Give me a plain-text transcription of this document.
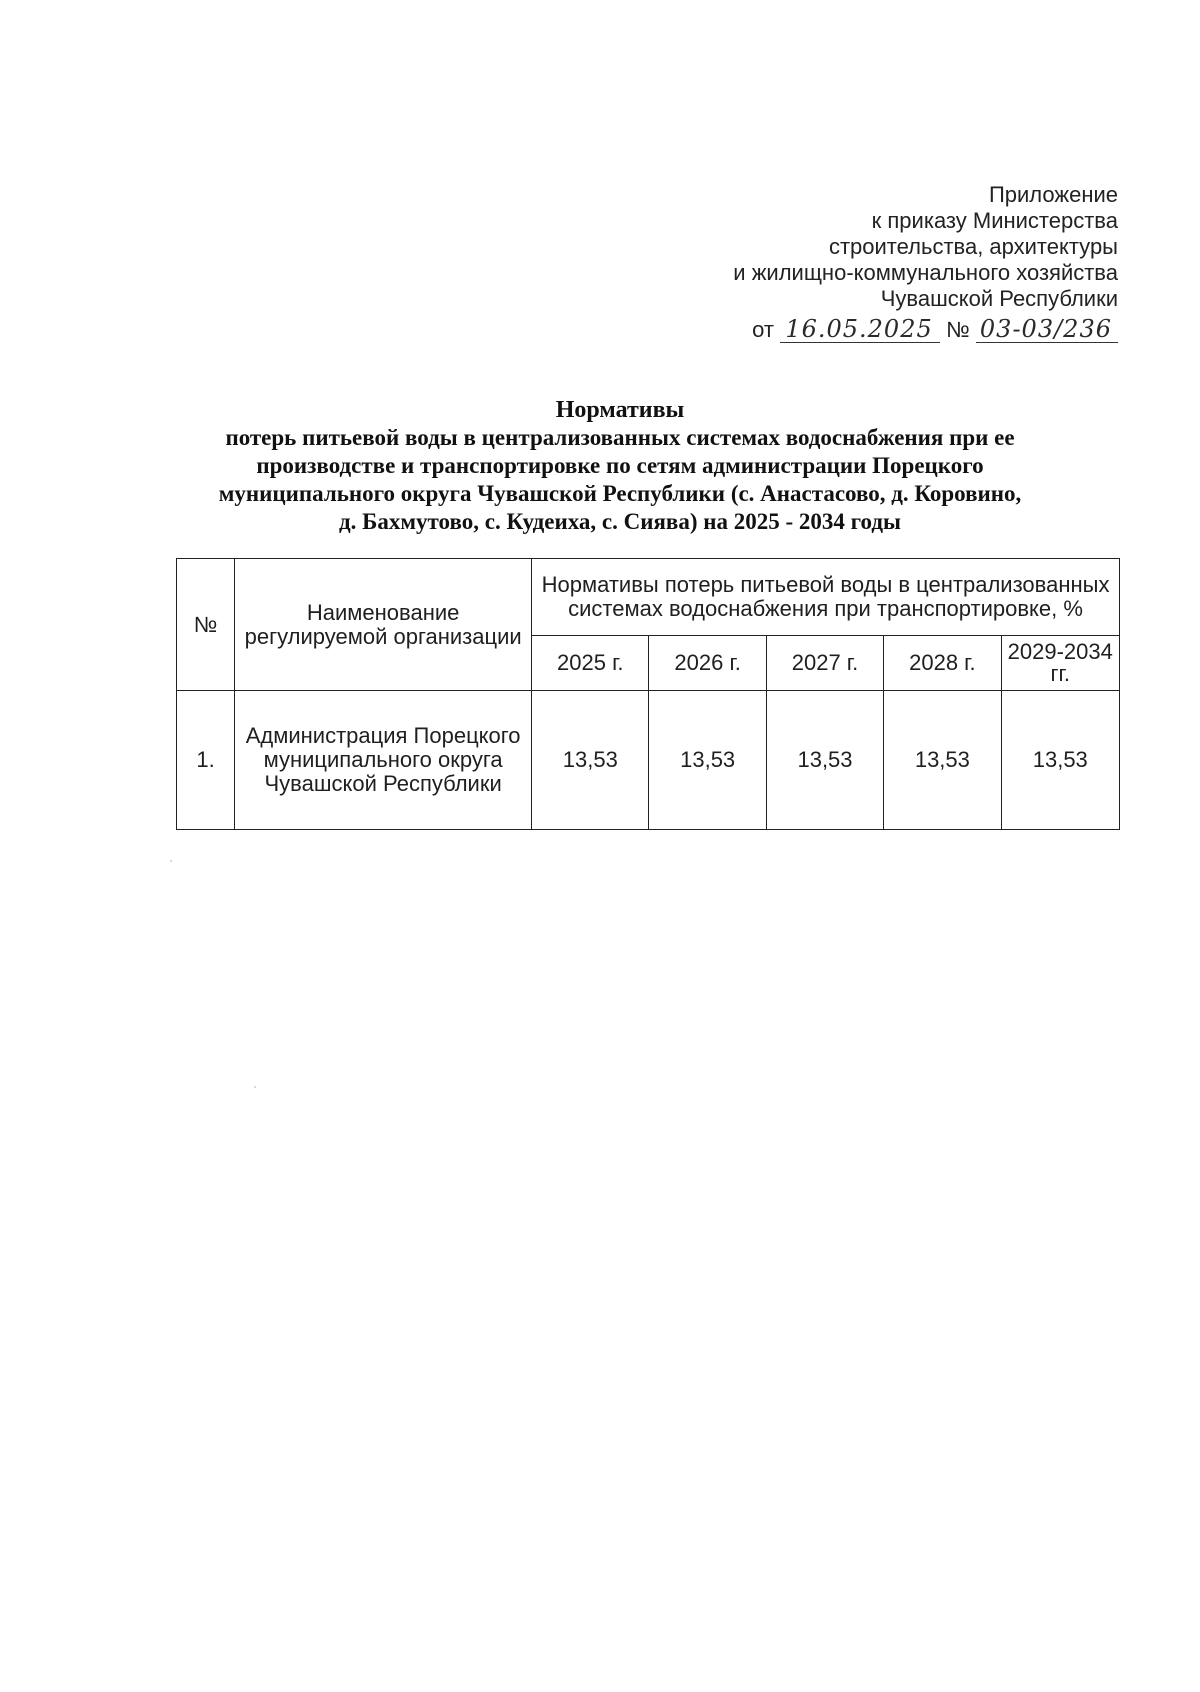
Приложение
к приказу Министерства
строительства, архитектуры
и жилищно-коммунального хозяйства
Чувашской Республики
от 16.05.2025 № 03-03/236
Нормативы
потерь питьевой воды в централизованных системах водоснабжения при ее
производстве и транспортировке по сетям администрации Порецкого
муниципального округа Чувашской Республики (с. Анастасово, д. Коровино,
д. Бахмутово, с. Кудеиха, с. Сиява) на 2025 - 2034 годы
№	Наименование регулируемой организации	Нормативы потерь питьевой воды в централизованных системах водоснабжения при транспортировке, %				
		2025 г.	2026 г.	2027 г.	2028 г.	2029-2034 гг.
1.	Администрация Порецкого муниципального округа Чувашской Республики	13,53	13,53	13,53	13,53	13,53
